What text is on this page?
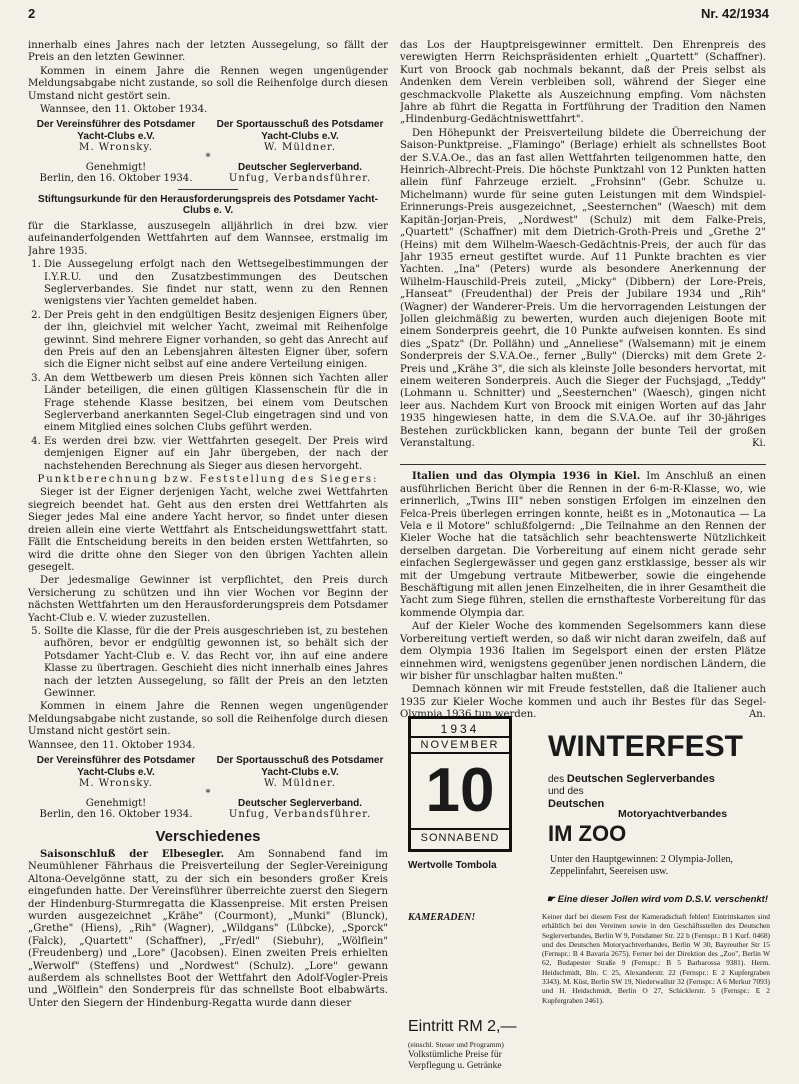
2	Nr. 42/1934

innerhalb eines Jahres nach der letzten Aussegelung, so fällt der Preis an den letzten Gewinner.

Kommen in einem Jahre die Rennen wegen ungenügender Meldungsabgabe nicht zustande, so soll die Reihenfolge durch diesen Umstand nicht gestört sein.

Wannsee, den 11. Oktober 1934.

Der Vereinsführer des Potsdamer Yacht-Clubs e.V.
Der Sportausschuß des Potsdamer Yacht-Clubs e.V.
M. Wronsky.	W. Müldner.
*
Genehmigt!	Deutscher Seglerverband.
Berlin, den 16. Oktober 1934.	Unfug, Verbandsführer.
Stiftungsurkunde für den Herausforderungspreis des Potsdamer Yacht-Clubs e. V.

für die Starklasse, auszusegeln alljährlich in drei bzw. vier aufeinanderfolgenden Wettfahrten auf dem Wannsee, erstmalig im Jahre 1935.

1. Die Aussegelung erfolgt nach den Wettsegelbestimmungen der I.Y.R.U. und den Zusatzbestimmungen des Deutschen Seglerverbandes. Sie findet nur statt, wenn zu den Rennen wenigstens vier Yachten gemeldet haben.
2. Der Preis geht in den endgültigen Besitz desjenigen Eigners über, der ihn, gleichviel mit welcher Yacht, zweimal mit Reihenfolge gewinnt. Sind mehrere Eigner vorhanden, so geht das Anrecht auf den Preis auf den an Lebensjahren ältesten Eigner über, sofern sich die Eigner nicht selbst auf eine andere Verteilung einigen.
3. An dem Wettbewerb um diesen Preis können sich Yachten aller Länder beteiligen, die einen gültigen Klassenschein für die in Frage stehende Klasse besitzen, bei einem vom Deutschen Seglerverband anerkannten Segel-Club eingetragen sind und von einem Mitglied eines solchen Clubs geführt werden.
4. Es werden drei bzw. vier Wettfahrten gesegelt. Der Preis wird demjenigen Eigner auf ein Jahr übergeben, der nach der nachstehenden Berechnung als Sieger aus diesen hervorgeht.

Punktberechnung bzw. Feststellung des Siegers:

Sieger ist der Eigner derjenigen Yacht, welche zwei Wettfahrten siegreich beendet hat. Geht aus den ersten drei Wettfahrten als Sieger jedes Mal eine andere Yacht hervor, so findet unter diesen dreien allein eine vierte Wettfahrt als Entscheidungswettfahrt statt. Fällt die Entscheidung bereits in den beiden ersten Wettfahrten, so wird die dritte ohne den Sieger von den übrigen Yachten allein gesegelt.

Der jedesmalige Gewinner ist verpflichtet, den Preis durch Versicherung zu schützen und ihn vier Wochen vor Beginn der nächsten Wettfahrten um den Herausforderungspreis dem Potsdamer Yacht-Club e. V. wieder zuzustellen.

5. Sollte die Klasse, für die der Preis ausgeschrieben ist, zu bestehen aufhören, bevor er endgültig gewonnen ist, so behält sich der Potsdamer Yacht-Club e. V. das Recht vor, ihn auf eine andere Klasse zu übertragen. Geschieht dies nicht innerhalb eines Jahres nach der letzten Aussegelung, so fällt der Preis an den letzten Gewinner.

Kommen in einem Jahre die Rennen wegen ungenügender Meldungsabgabe nicht zustande, so soll die Reihenfolge durch diesen Umstand nicht gestört sein.

Wannsee, den 11. Oktober 1934.

Der Vereinsführer des Potsdamer Yacht-Clubs e.V.
Der Sportausschuß des Potsdamer Yacht-Clubs e.V.
M. Wronsky.	W. Müldner.
*
Genehmigt!	Deutscher Seglerverband.
Berlin, den 16. Oktober 1934.	Unfug, Verbandsführer.
Verschiedenes

Saisonschluß der Elbesegler. Am Sonnabend fand im Neumühlener Fährhaus die Preisverteilung der Segler-Vereinigung Altona-Oevelgönne statt, zu der sich ein besonders großer Kreis eingefunden hatte. Der Vereinsführer überreichte zuerst den Siegern der Hindenburg-Sturmregatta die Klassenpreise. Mit ersten Preisen wurden ausgezeichnet „Krähe" (Courmont), „Munki" (Blunck), „Grethe" (Hiens), „Rih" (Wagner), „Wildgans" (Lübcke), „Sporck" (Falck), „Quartett" (Schaffner), „Fr/edl" (Siebuhr), „Wölflein" (Freudenberg) und „Lore" (Jacobsen). Einen zweiten Preis erhielten „Werwolf" (Steffens) und „Nordwest" (Schulz). „Lore" gewann außerdem als schnellstes Boot der Wettfahrt den Adolf-Vogler-Preis und „Wölflein" den Sonderpreis für das schnellste Boot elbabwärts. Unter den Siegern der Hindenburg-Regatta wurde dann dieser

das Los der Hauptpreisgewinner ermittelt. Den Ehrenpreis des verewigten Herrn Reichspräsidenten erhielt „Quartett" (Schaffner). Kurt von Broock gab nochmals bekannt, daß der Preis selbst als Andenken dem Verein verbleiben soll, während der Sieger eine geschmackvolle Plakette als Auszeichnung empfing. Vom nächsten Jahre ab führt die Regatta in Fortführung der Tradition den Namen „Hindenburg-Gedächtniswettfahrt".

Den Höhepunkt der Preisverteilung bildete die Überreichung der Saison-Punktpreise. „Flamingo" (Berlage) erhielt als schnellstes Boot der S.V.A.Oe., das an fast allen Wettfahrten teilgenommen hatte, den Heinrich-Albrecht-Preis. Die höchste Punktzahl von 12 Punkten hatten allein fünf Fahrzeuge erzielt. „Frohsinn" (Gebr. Schulze u. Michelmann) wurde für seine guten Leistungen mit dem Windspiel-Erinnerungs-Preis ausgezeichnet, „Seesternchen" (Waesch) mit dem Kapitän-Jorjan-Preis, „Nordwest" (Schulz) mit dem Falke-Preis, „Quartett" (Schaffner) mit dem Dietrich-Groth-Preis und „Grethe 2" (Heins) mit dem Wilhelm-Waesch-Gedächtnis-Preis, der auch für das Jahr 1935 erneut gestiftet wurde. Auf 11 Punkte brachten es vier Yachten. „Ina" (Peters) wurde als besondere Anerkennung der Wilhelm-Hauschild-Preis zuteil, „Micky" (Dibbern) der Lore-Preis, „Hanseat" (Freudenthal) der Preis der Jubilare 1934 und „Rih" (Wagner) der Wanderer-Preis. Um die hervorragenden Leistungen der Jollen gleichmäßig zu bewerten, wurden auch diejenigen Boote mit einem Sonderpreis geehrt, die 10 Punkte aufweisen konnten. Es sind dies „Spatz" (Dr. Pollähn) und „Anneliese" (Walsemann) mit je einem Sonderpreis der S.V.A.Oe., ferner „Bully" (Diercks) mit dem Grete 2-Preis und „Krähe 3", die sich als kleinste Jolle besonders hervortat, mit einem weiteren Sonderpreis. Auch die Sieger der Fuchsjagd, „Teddy" (Lohmann u. Schnitter) und „Seesternchen" (Waesch), gingen nicht leer aus. Nachdem Kurt von Broock mit einigen Worten auf das Jahr 1935 hingewiesen hatte, in dem die S.V.A.Oe. auf ihr 30-jähriges Bestehen zurückblicken kann, begann der bunte Teil der großen Veranstaltung.	Ki.

Italien und das Olympia 1936 in Kiel. Im Anschluß an einen ausführlichen Bericht über die Rennen in der 6-m-R-Klasse, wo, wie erinnerlich, „Twins III" neben sonstigen Erfolgen im einzelnen den Felca-Preis überlegen erringen konnte, heißt es in „Motonautica — La Vela e il Motore" schlußfolgernd: „Die Teilnahme an den Rennen der Kieler Woche hat die tatsächlich sehr beachtenswerte Nützlichkeit derselben dargetan. Die Vorbereitung auf einem nicht gerade sehr einfachen Seglergewässer und gegen ganz erstklassige, besser als wir mit der Umgebung vertraute Mitbewerber, sowie die eingehende Beschäftigung mit allen jenen Einzelheiten, die in ihrer Gesamtheit die Yacht zum Siege führen, stellen die ernsthafteste Vorbereitung für das kommende Olympia dar.

Auf der Kieler Woche des kommenden Segelsommers kann diese Vorbereitung vertieft werden, so daß wir nicht daran zweifeln, daß auf dem Olympia 1936 Italien im Segelsport einen der ersten Plätze einnehmen wird, wenigstens gegenüber jenen nordischen Ländern, die wir bisher für unschlagbar halten mußten."

Demnach können wir mit Freude feststellen, daß die Italiener auch 1935 zur Kieler Woche kommen und auch ihr Bestes für das Segel-Olympia 1936 tun werden.	An.

1934
NOVEMBER
10
SONNABEND
WINTERFEST
des Deutschen Seglerverbandes
und des
Deutschen
Motoryachtverbandes
IM ZOO
Wertvolle Tombola
Unter den Hauptgewinnen: 2 Olympia-Jollen, Zeppelinfahrt, Seereisen usw.
☛ Eine dieser Jollen wird vom D.S.V. verschenkt!
KAMERADEN!	Keiner darf bei diesem Fest der Kameradschaft fehlen! Eintrittskarten sind erhältlich bei den Vereinen sowie in den Geschäftsstellen des Deutschen Seglerverbandes, Berlin W 9, Potsdamer Str. 22 b (Fernspr.: B 1 Kurf. 0468) und des Deutschen Motoryachtverbandes, Berlin W 30, Bayreuther Str 15 (Fernspr.: B 4 Bavaria 2675). Ferner bei der Direktion des „Zoo", Berlin W 62, Budapester Straße 9 (Fernspr.: B 5 Barbarossa 9381). Herm. Heidschmidt, Bln. C 25, Alexanderstr. 22 (Fernspr.: E 2 Kupfergraben 3343). M. Küst, Berlin SW 19, Niederwallstr 32 (Fernspr.: A 6 Merkur 7093) und H. Heidschmidt, Berlin O 27, Schicklerstr. 5 (Fernspr.: E 2 Kupfergraben 2461).
Eintritt RM 2,—
(einschl. Steuer und Programm)
Volkstümliche Preise für Verpflegung u. Getränke
